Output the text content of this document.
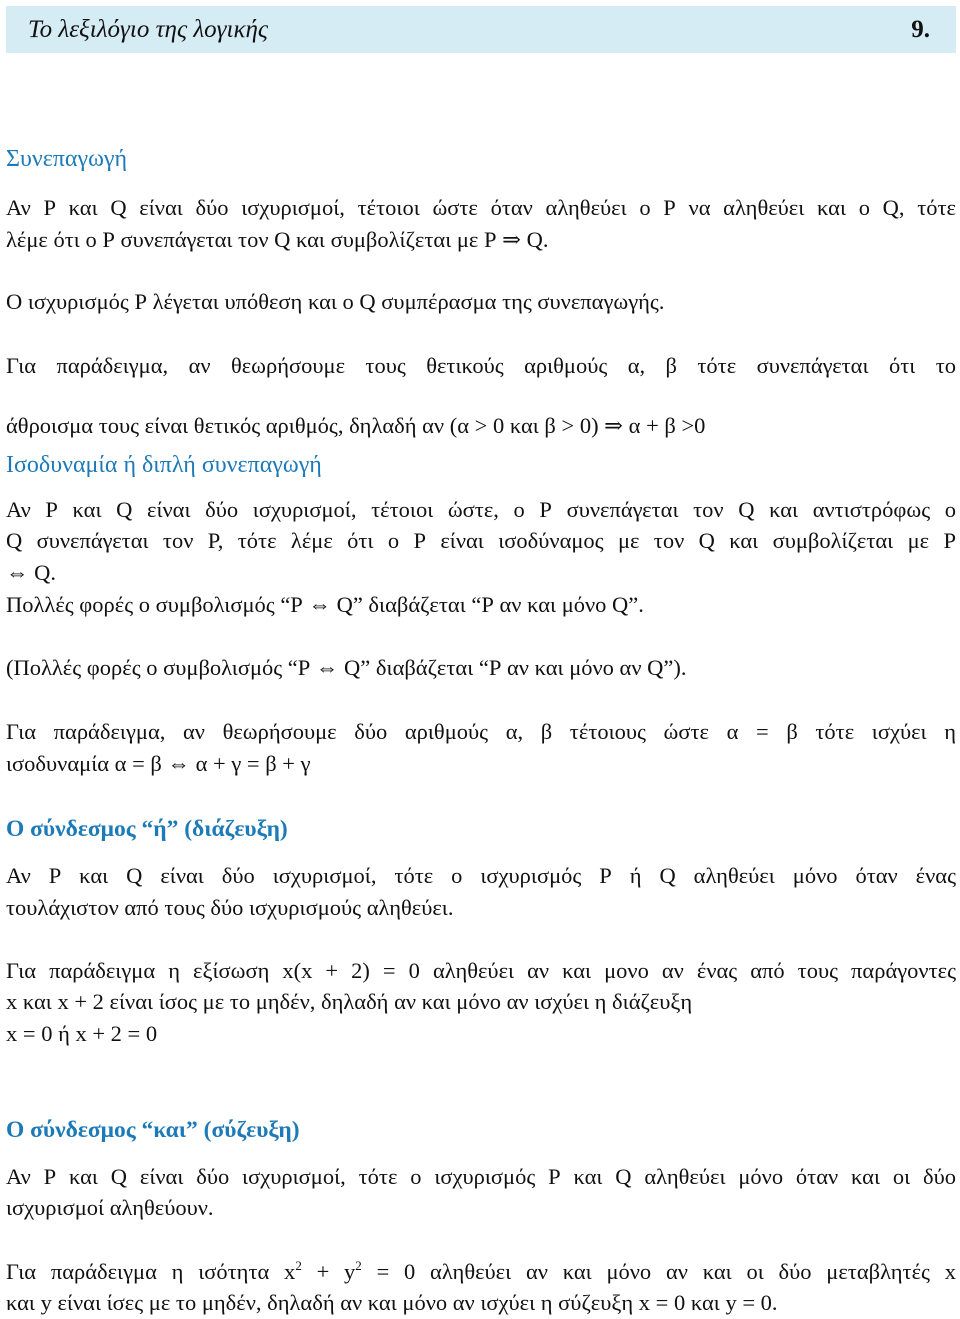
Το λεξιλόγιο της λογικής	9.
Συνεπαγωγή
Αν Ρ και Q είναι δύο ισχυρισμοί, τέτοιοι ώστε όταν αληθεύει ο Ρ να αληθεύει και ο Q, τότε
λέμε ότι ο Ρ συνεπάγεται τον Q και συμβολίζεται με Ρ ⇒ Q.
Ο ισχυρισμός Ρ λέγεται υπόθεση και ο Q συμπέρασμα της συνεπαγωγής.
Για παράδειγμα, αν θεωρήσουμε τους θετικούς αριθμούς α, β τότε συνεπάγεται ότι το
άθροισμα τους είναι θετικός αριθμός, δηλαδή αν (α > 0 και β > 0) ⇒ α + β >0
Ισοδυναμία ή διπλή συνεπαγωγή
Αν Ρ και Q είναι δύο ισχυρισμοί, τέτοιοι ώστε, ο Ρ συνεπάγεται τον Q και αντιστρόφως ο
Q συνεπάγεται τον Ρ, τότε λέμε ότι ο Ρ είναι ισοδύναμος με τον Q και συμβολίζεται με Ρ
⇔ Q.
Πολλές φορές ο συμβολισμός “Ρ ⇔ Q” διαβάζεται “Ρ αν και μόνο Q”.
(Πολλές φορές ο συμβολισμός “Ρ ⇔ Q” διαβάζεται “Ρ αν και μόνο αν Q”).
Για παράδειγμα, αν θεωρήσουμε δύο αριθμούς α, β τέτοιους ώστε α = β τότε ισχύει η
ισοδυναμία α = β ⇔ α + γ = β + γ
Ο σύνδεσμος “ή” (διάζευξη)
Αν Ρ και Q είναι δύο ισχυρισμοί, τότε ο ισχυρισμός Ρ ή Q αληθεύει μόνο όταν ένας
τουλάχιστον από τους δύο ισχυρισμούς αληθεύει.
Για παράδειγμα η εξίσωση x(x + 2) = 0 αληθεύει αν και μονο αν ένας από τους παράγοντες
x και x + 2 είναι ίσος με το μηδέν, δηλαδή αν και μόνο αν ισχύει η διάζευξη
x = 0 ή x + 2 = 0
Ο σύνδεσμος “και” (σύζευξη)
Αν Ρ και Q είναι δύο ισχυρισμοί, τότε ο ισχυρισμός Ρ και Q αληθεύει μόνο όταν και οι δύο
ισχυρισμοί αληθεύουν.
Για παράδειγμα η ισότητα $x^2 + y^2 = 0$ αληθεύει αν και μόνο αν και οι δύο μεταβλητές x
και y είναι ίσες με το μηδέν, δηλαδή αν και μόνο αν ισχύει η σύζευξη x = 0 και y = 0.
